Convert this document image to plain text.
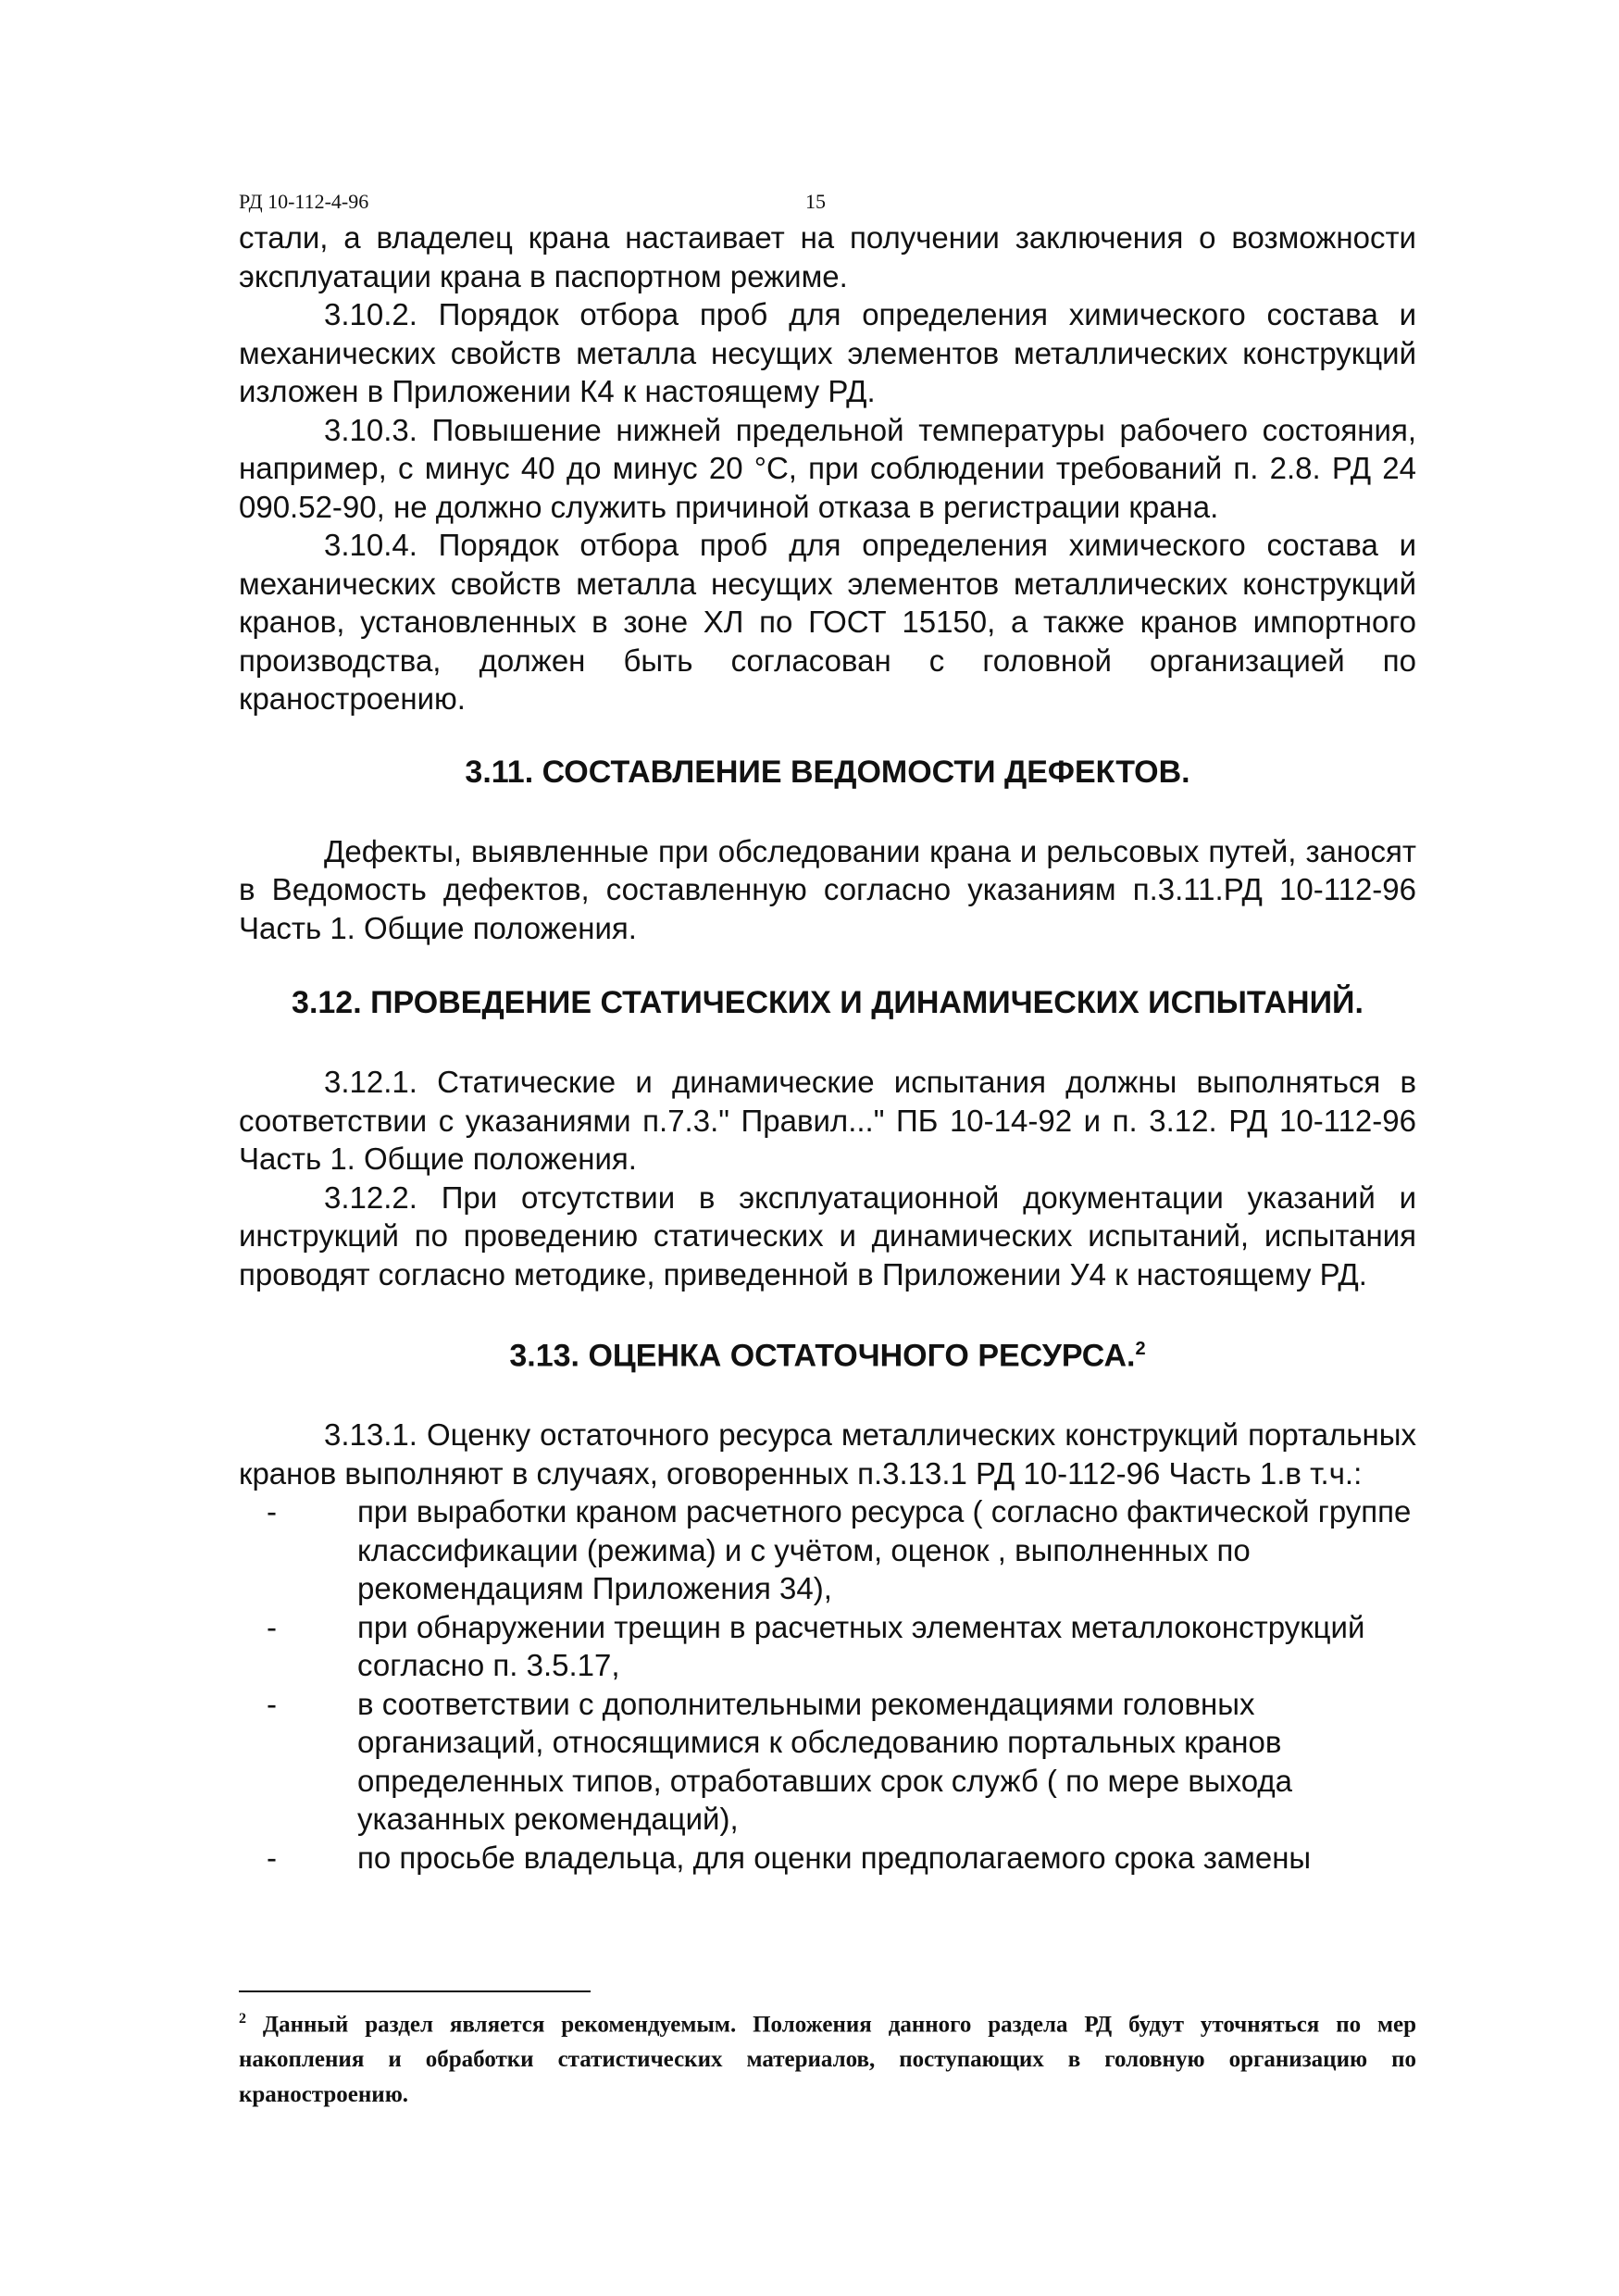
РД 10-112-4-96	15

стали, а владелец крана настаивает на получении заключения о возможности эксплуатации крана в паспортном режиме.

3.10.2. Порядок отбора проб для определения химического состава и механических свойств металла несущих элементов металлических конструкций изложен в Приложении К4 к настоящему РД.

3.10.3. Повышение нижней предельной температуры рабочего состояния, например, с минус 40 до минус 20 °С, при соблюдении требований п. 2.8. РД 24 090.52-90, не должно служить причиной отказа в регистрации крана.

3.10.4. Порядок отбора проб для определения химического состава и механических свойств металла несущих элементов металлических конструкций кранов, установленных в зоне ХЛ по ГОСТ 15150, а также кранов импортного производства, должен быть согласован с головной организацией по краностроению.

3.11. СОСТАВЛЕНИЕ ВЕДОМОСТИ ДЕФЕКТОВ.

Дефекты, выявленные при обследовании крана и рельсовых путей, заносят в Ведомость дефектов, составленную согласно указаниям п.3.11.РД 10-112-96 Часть 1. Общие положения.

3.12. ПРОВЕДЕНИЕ СТАТИЧЕСКИХ И ДИНАМИЧЕСКИХ ИСПЫТАНИЙ.

3.12.1. Статические и динамические испытания должны выполняться в соответствии с указаниями п.7.3." Правил..." ПБ 10-14-92 и п. 3.12. РД 10-112-96 Часть 1. Общие положения.

3.12.2. При отсутствии в эксплуатационной документации указаний и инструкций по проведению статических и динамических испытаний, испытания проводят согласно методике, приведенной в Приложении У4 к настоящему РД.

3.13. ОЦЕНКА ОСТАТОЧНОГО РЕСУРСА.$^2$

3.13.1. Оценку остаточного ресурса металлических конструкций портальных кранов выполняют в случаях, оговоренных п.3.13.1 РД 10-112-96 Часть 1.в т.ч.:

-	при выработки краном расчетного ресурса ( согласно фактической группе классификации (режима) и с учётом, оценок , выполненных по рекомендациям Приложения 34),
-	при обнаружении трещин в расчетных элементах металлоконструкций согласно п. 3.5.17,
-	в соответствии с дополнительными рекомендациями головных организаций, относящимися к обследованию портальных кранов определенных типов, отработавших срок служб ( по мере выхода указанных рекомендаций),
-	по просьбе владельца, для оценки предполагаемого срока замены
$^2$ Данный раздел является рекомендуемым. Положения данного раздела РД будут уточняться по мер накопления и обработки статистических материалов, поступающих в головную организацию по краностроению.
